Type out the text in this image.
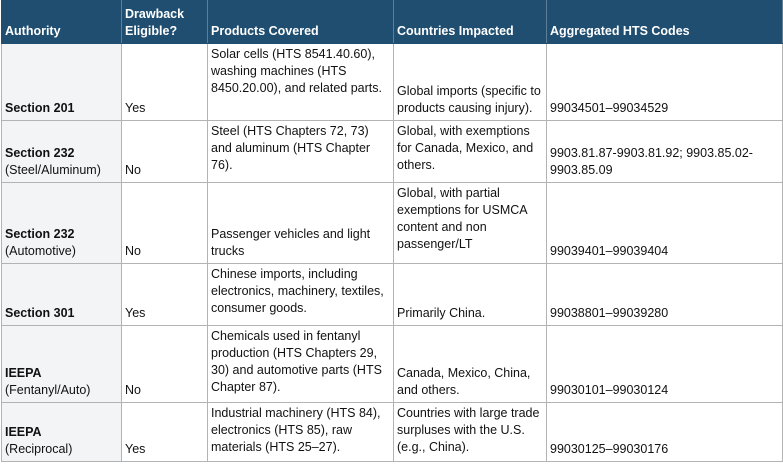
Authority	Drawback Eligible?	Products Covered	Countries Impacted	Aggregated HTS Codes

Section 201	Yes	Solar cells (HTS 8541.40.60), washing machines (HTS 8450.20.00), and related parts.	Global imports (specific to products causing injury).	99034501–99034529

Section 232
(Steel/Aluminum)	No	Steel (HTS Chapters 72, 73) and aluminum (HTS Chapter 76).	Global, with exemptions for Canada, Mexico, and others.	9903.81.87-9903.81.92; 9903.85.02-9903.85.09

Section 232
(Automotive)	No	Passenger vehicles and light trucks	Global, with partial exemptions for USMCA content and non passenger/LT	99039401–99039404

Section 301	Yes	Chinese imports, including electronics, machinery, textiles, consumer goods.	Primarily China.	99038801–99039280

IEEPA
(Fentanyl/Auto)	No	Chemicals used in fentanyl production (HTS Chapters 29, 30) and automotive parts (HTS Chapter 87).	Canada, Mexico, China, and others.	99030101–99030124

IEEPA
(Reciprocal)	Yes	Industrial machinery (HTS 84), electronics (HTS 85), raw materials (HTS 25–27).	Countries with large trade surpluses with the U.S. (e.g., China).	99030125–99030176
